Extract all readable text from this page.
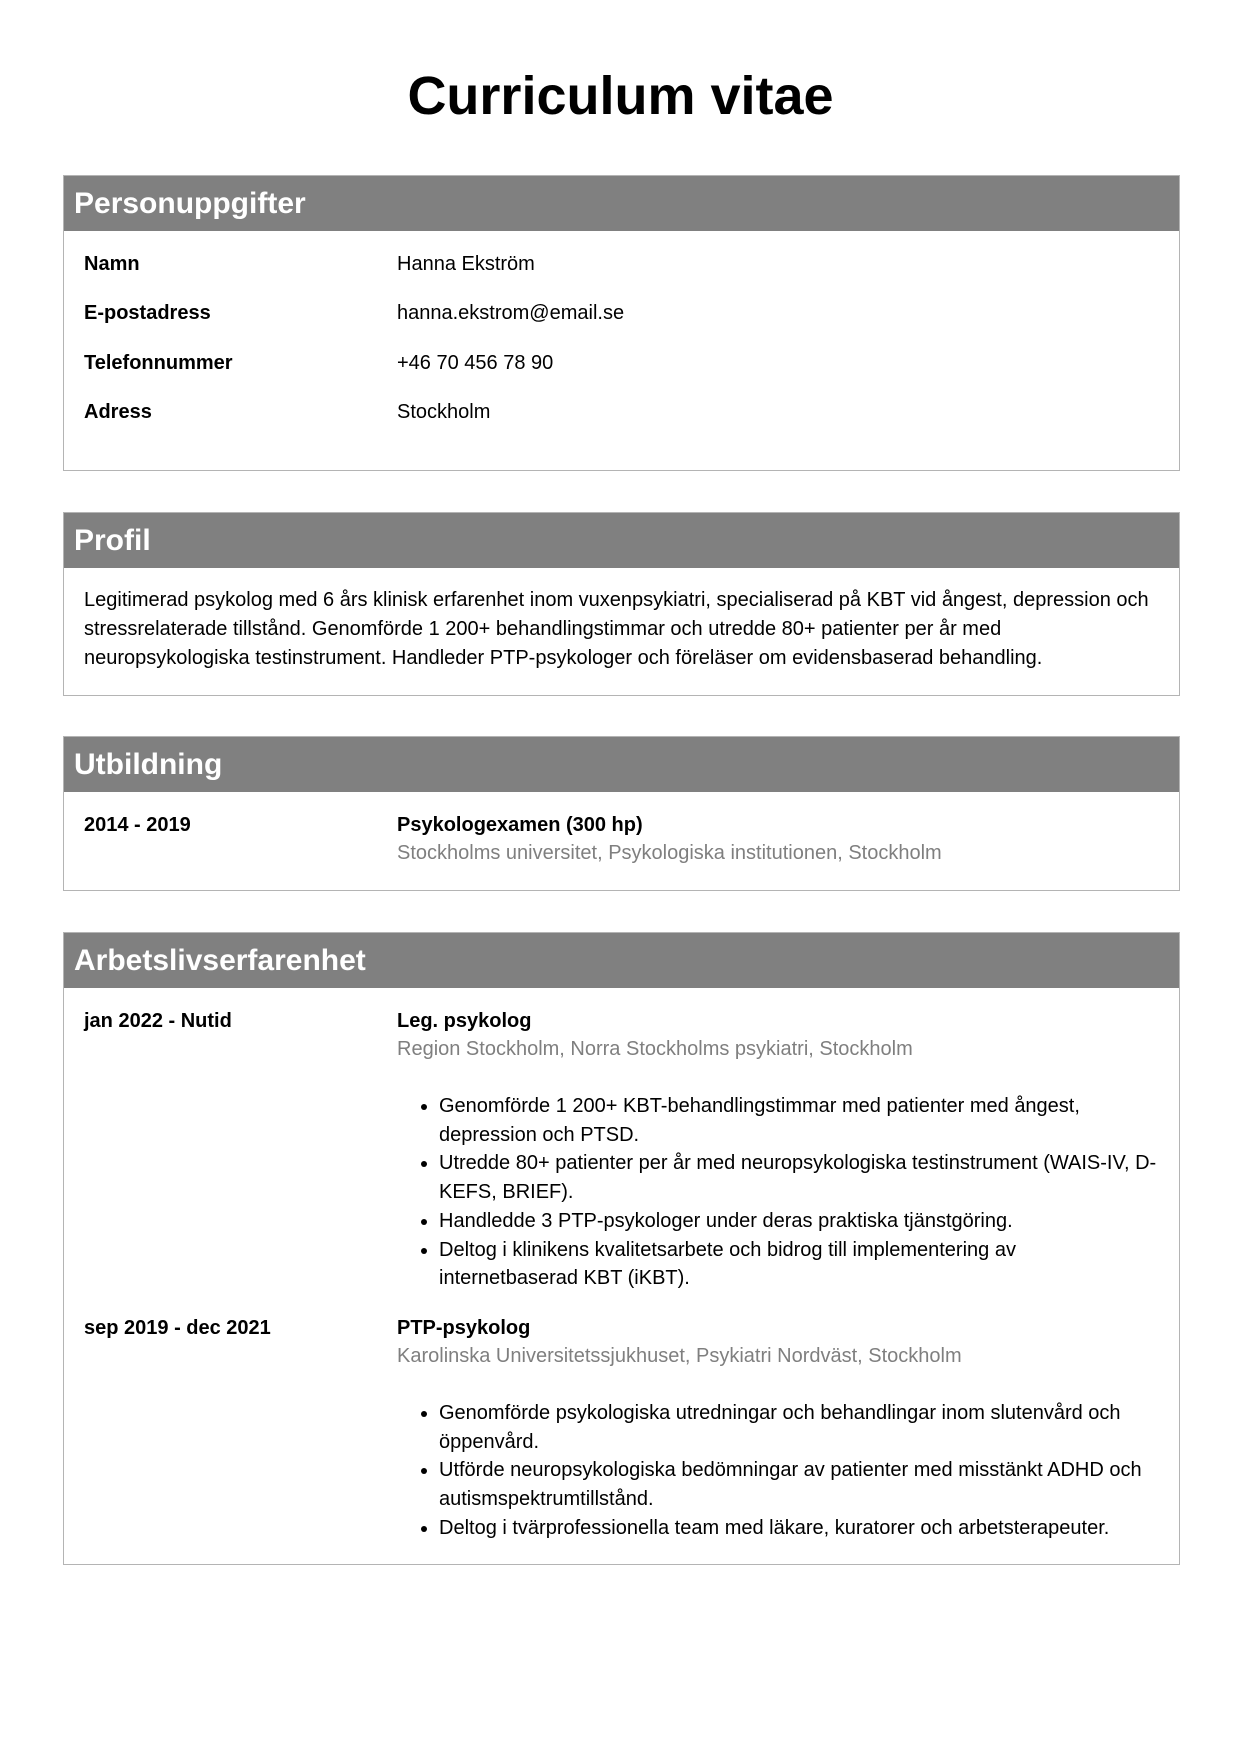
Curriculum vitae
Personuppgifter
Namn	Hanna Ekström
E-postadress	hanna.ekstrom@email.se
Telefonnummer	+46 70 456 78 90
Adress	Stockholm
Profil
Legitimerad psykolog med 6 års klinisk erfarenhet inom vuxenpsykiatri, specialiserad på KBT vid ångest, depression och stressrelaterade tillstånd. Genomförde 1 200+ behandlingstimmar och utredde 80+ patienter per år med neuropsykologiska testinstrument. Handleder PTP-psykologer och föreläser om evidensbaserad behandling.
Utbildning
2014 - 2019	Psykologexamen (300 hp)
Stockholms universitet, Psykologiska institutionen, Stockholm
Arbetslivserfarenhet
jan 2022 - Nutid	Leg. psykolog
Region Stockholm, Norra Stockholms psykiatri, Stockholm
• Genomförde 1 200+ KBT-behandlingstimmar med patienter med ångest, depression och PTSD.
• Utredde 80+ patienter per år med neuropsykologiska testinstrument (WAIS-IV, D-KEFS, BRIEF).
• Handledde 3 PTP-psykologer under deras praktiska tjänstgöring.
• Deltog i klinikens kvalitetsarbete och bidrog till implementering av internetbaserad KBT (iKBT).
sep 2019 - dec 2021	PTP-psykolog
Karolinska Universitetssjukhuset, Psykiatri Nordväst, Stockholm
• Genomförde psykologiska utredningar och behandlingar inom slutenvård och öppenvård.
• Utförde neuropsykologiska bedömningar av patienter med misstänkt ADHD och autismspektrumtillstånd.
• Deltog i tvärprofessionella team med läkare, kuratorer och arbetsterapeuter.
